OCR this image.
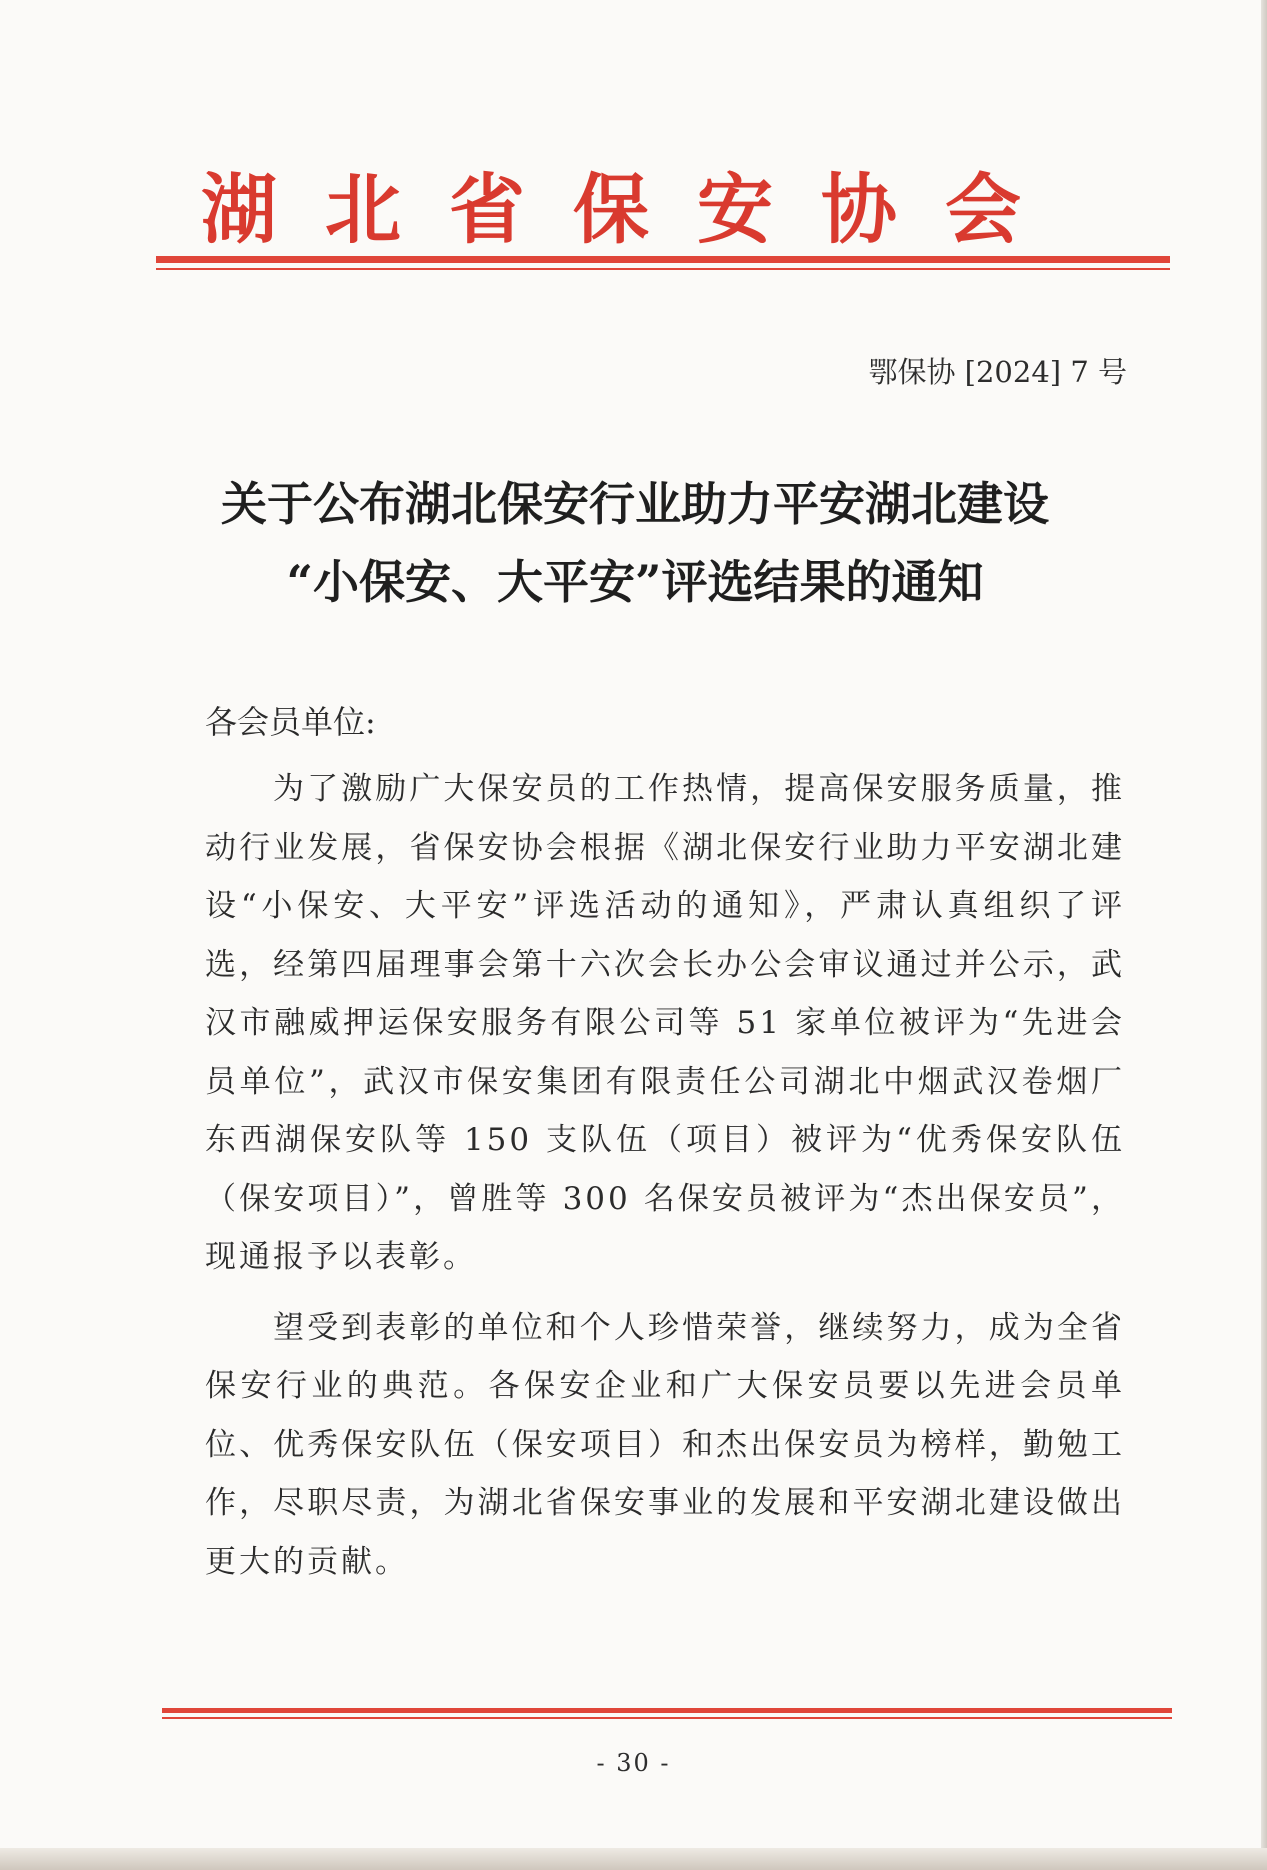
湖北省保安协会
鄂保协 [2024] 7 号
关于公布湖北保安行业助力平安湖北建设
“小保安、大平安”评选结果的通知
各会员单位:

为了激励广大保安员的工作热情，提高保安服务质量，推动行业发展，省保安协会根据《湖北保安行业助力平安湖北建设“小保安、大平安”评选活动的通知》，严肃认真组织了评选，经第四届理事会第十六次会长办公会审议通过并公示，武汉市融威押运保安服务有限公司等 51 家单位被评为“先进会员单位”，武汉市保安集团有限责任公司湖北中烟武汉卷烟厂东西湖保安队等 150 支队伍（项目）被评为“优秀保安队伍（保安项目）”，曾胜等 300 名保安员被评为“杰出保安员”，现通报予以表彰。

望受到表彰的单位和个人珍惜荣誉，继续努力，成为全省保安行业的典范。各保安企业和广大保安员要以先进会员单位、优秀保安队伍（保安项目）和杰出保安员为榜样，勤勉工作，尽职尽责，为湖北省保安事业的发展和平安湖北建设做出更大的贡献。

- 30 -
